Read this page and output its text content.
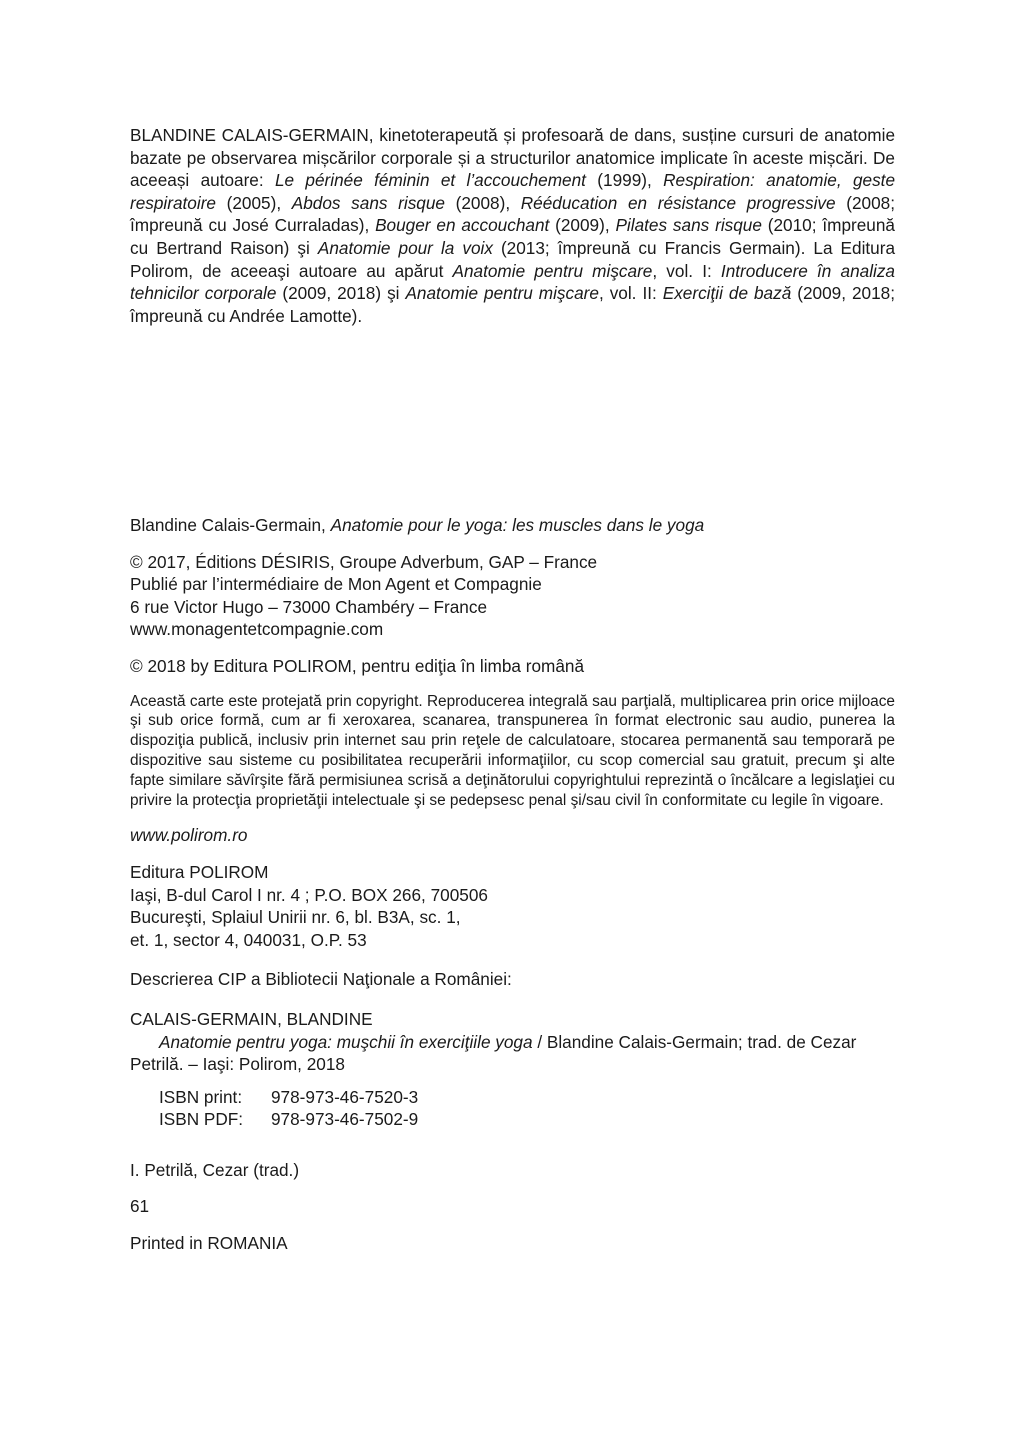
BLANDINE CALAIS-GERMAIN, kinetoterapeută și profesoară de dans, susține cursuri de anatomie bazate pe observarea mișcărilor corporale și a structurilor anatomice implicate în aceste mișcări. De aceeași autoare: Le périnée féminin et l’accouchement (1999), Respiration: anatomie, geste respiratoire (2005), Abdos sans risque (2008), Rééducation en résistance progressive (2008; împreună cu José Curraladas), Bouger en accouchant (2009), Pilates sans risque (2010; împreună cu Bertrand Raison) şi Anatomie pour la voix (2013; împreună cu Francis Germain). La Editura Polirom, de aceeaşi autoare au apărut Anatomie pentru mişcare, vol. I: Introducere în analiza tehnicilor corporale (2009, 2018) şi Anatomie pentru mişcare, vol. II: Exerciţii de bază (2009, 2018; împreună cu Andrée Lamotte).

Blandine Calais-Germain, Anatomie pour le yoga: les muscles dans le yoga

© 2017, Éditions DÉSIRIS, Groupe Adverbum, GAP – France

Publié par l’intermédiaire de Mon Agent et Compagnie

6 rue Victor Hugo – 73000 Chambéry – France

www.monagentetcompagnie.com

© 2018 by Editura POLIROM, pentru ediţia în limba română

Această carte este protejată prin copyright. Reproducerea integrală sau parţială, multiplicarea prin orice mijloace şi sub orice formă, cum ar fi xeroxarea, scanarea, transpunerea în format electronic sau audio, punerea la dispoziţia publică, inclusiv prin internet sau prin reţele de calculatoare, stocarea permanentă sau temporară pe dispozitive sau sisteme cu posibilitatea recuperării informaţiilor, cu scop comercial sau gratuit, precum şi alte fapte similare săvîrşite fără permisiunea scrisă a deţinătorului copyrightului reprezintă o încălcare a legislaţiei cu privire la protecţia proprietăţii intelectuale şi se pedepsesc penal şi/sau civil în conformitate cu legile în vigoare.

www.polirom.ro

Editura POLIROM

Iaşi, B-dul Carol I nr. 4 ; P.O. BOX 266, 700506

Bucureşti, Splaiul Unirii nr. 6, bl. B3A, sc. 1,

et. 1, sector 4, 040031, O.P. 53

Descrierea CIP a Bibliotecii Naţionale a României:

CALAIS-GERMAIN, BLANDINE

Anatomie pentru yoga: muşchii în exerciţiile yoga / Blandine Calais-Germain; trad. de Cezar Petrilă. – Iaşi: Polirom, 2018

ISBN print:	978-973-46-7520-3
ISBN PDF:	978-973-46-7502-9

I. Petrilă, Cezar (trad.)

61

Printed in ROMANIA
